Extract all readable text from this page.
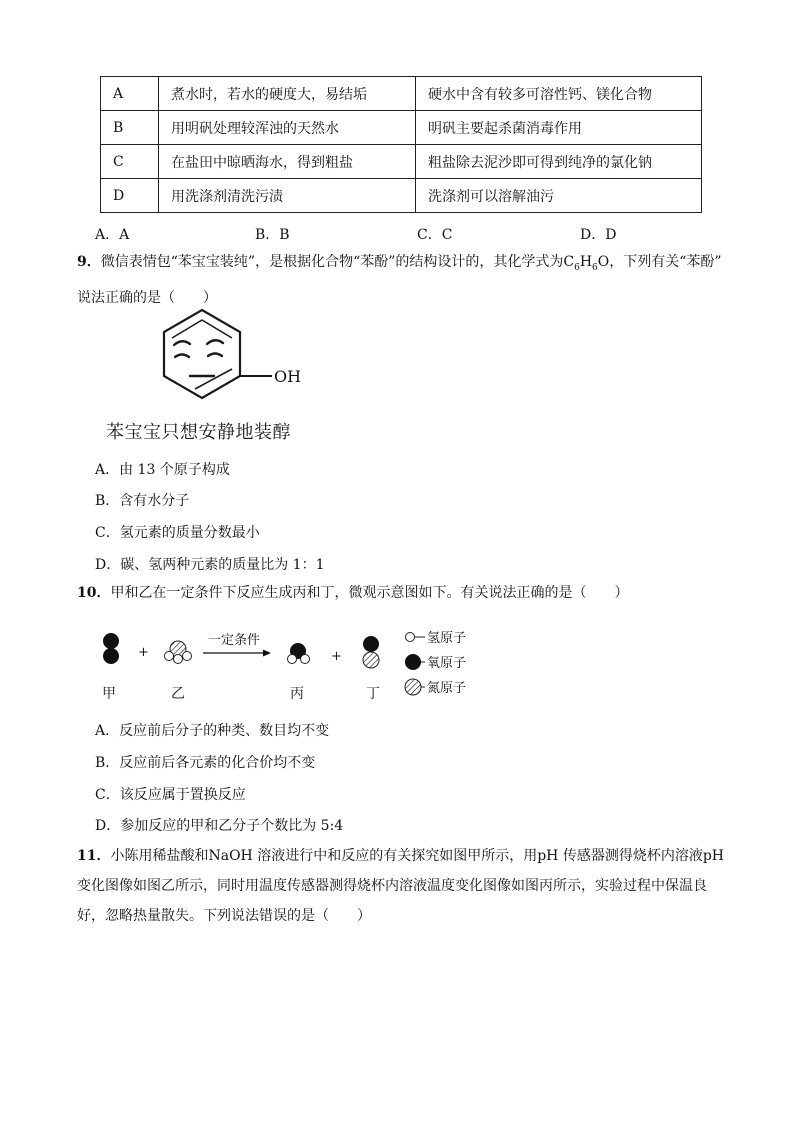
A	煮水时，若水的硬度大，易结垢	硬水中含有较多可溶性钙、镁化合物
B	用明矾处理较浑浊的天然水	明矾主要起杀菌消毒作用
C	在盐田中晾晒海水，得到粗盐	粗盐除去泥沙即可得到纯净的氯化钠
D	用洗涤剂清洗污渍	洗涤剂可以溶解油污
A．A	B．B	C．C	D．D
9．微信表情包“苯宝宝装纯”，是根据化合物“苯酚”的结构设计的，其化学式为$C_6H_6O$，下列有关“苯酚”
说法正确的是（　　）
OH
苯宝宝只想安静地装醇
A．由 13 个原子构成
B．含有水分子
C．氢元素的质量分数最小
D．碳、氢两种元素的质量比为 1：1
10．甲和乙在一定条件下反应生成丙和丁，微观示意图如下。有关说法正确的是（　　）
+
一定条件
+
氢原子
氧原子
氮原子
甲	乙	丙	丁
A．反应前后分子的种类、数目均不变
B．反应前后各元素的化合价均不变
C．该反应属于置换反应
D．参加反应的甲和乙分子个数比为 5:4
11．小陈用稀盐酸和NaOH 溶液进行中和反应的有关探究如图甲所示，用pH 传感器测得烧杯内溶液pH
变化图像如图乙所示，同时用温度传感器测得烧杯内溶液温度变化图像如图丙所示，实验过程中保温良
好，忽略热量散失。下列说法错误的是（　　）
